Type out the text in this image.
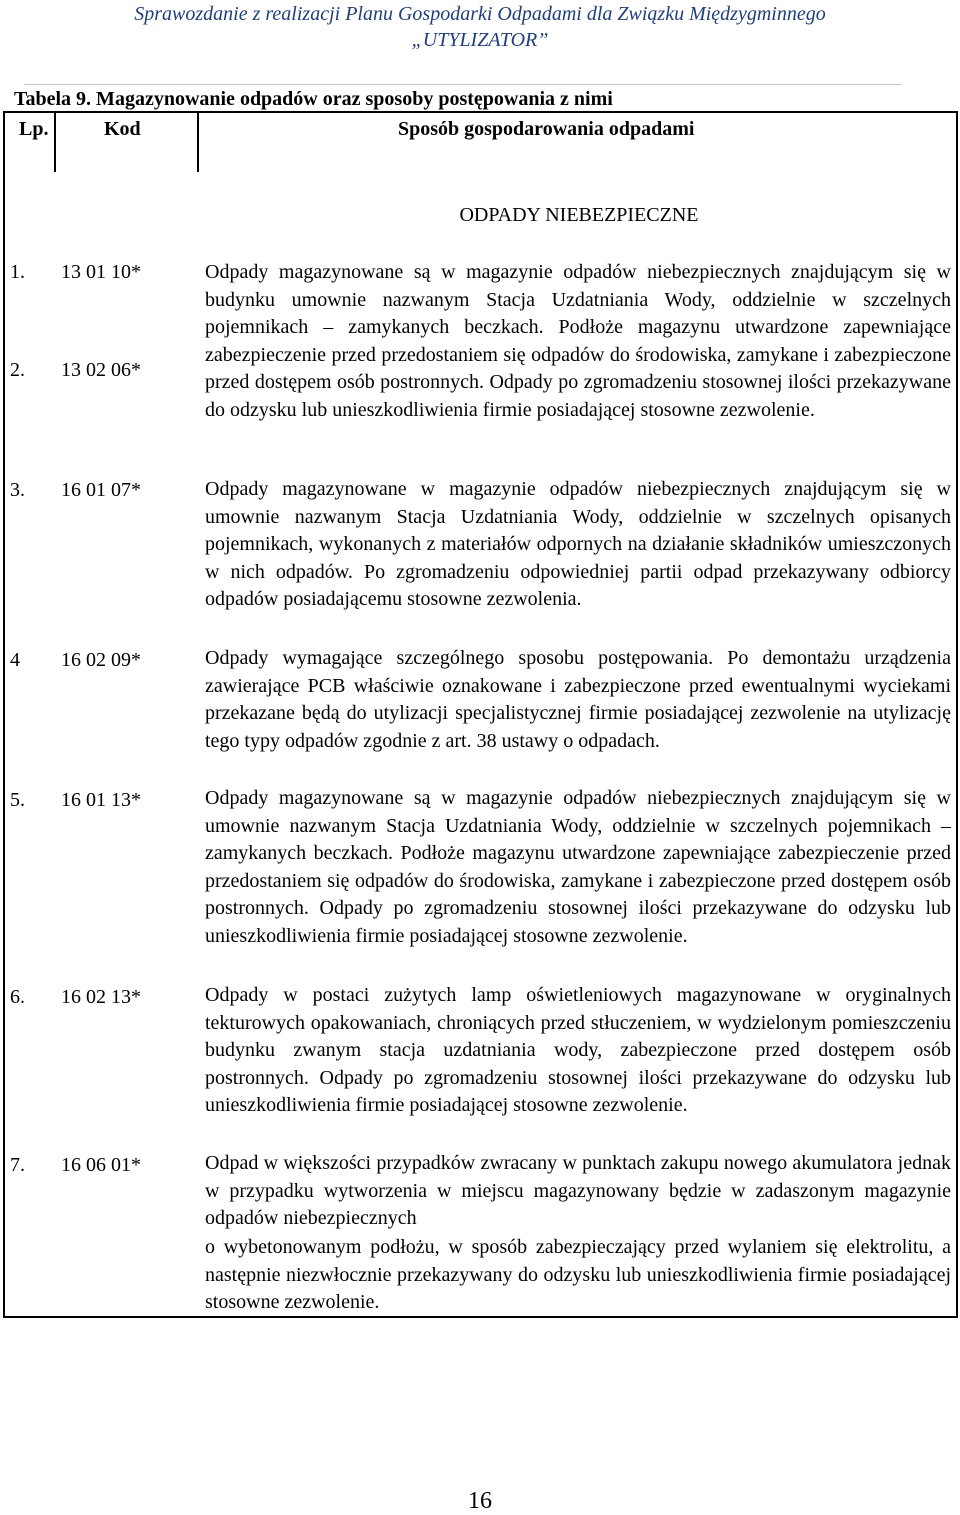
Sprawozdanie z realizacji Planu Gospodarki Odpadami dla Związku Międzygminnego
„UTYLIZATOR”
Tabela 9. Magazynowanie odpadów oraz sposoby postępowania z nimi
Lp.	Kod	Sposób gospodarowania odpadami
ODPADY NIEBEZPIECZNE
1. 13 01 10*
2. 13 02 06*
Odpady magazynowane są w magazynie odpadów niebezpiecznych znajdującym się w budynku umownie nazwanym Stacja Uzdatniania Wody, oddzielnie w szczelnych pojemnikach – zamykanych beczkach. Podłoże magazynu utwardzone zapewniające zabezpieczenie przed przedostaniem się odpadów do środowiska, zamykane i zabezpieczone przed dostępem osób postronnych. Odpady po zgromadzeniu stosownej ilości przekazywane do odzysku lub unieszkodliwienia firmie posiadającej stosowne zezwolenie.
3. 16 01 07*	Odpady magazynowane w magazynie odpadów niebezpiecznych znajdującym się w umownie nazwanym Stacja Uzdatniania Wody, oddzielnie w szczelnych opisanych pojemnikach, wykonanych z materiałów odpornych na działanie składników umieszczonych w nich odpadów. Po zgromadzeniu odpowiedniej partii odpad przekazywany odbiorcy odpadów posiadającemu stosowne zezwolenia.
4 16 02 09*	Odpady wymagające szczególnego sposobu postępowania. Po demontażu urządzenia zawierające PCB właściwie oznakowane i zabezpieczone przed ewentualnymi wyciekami przekazane będą do utylizacji specjalistycznej firmie posiadającej zezwolenie na utylizację tego typy odpadów zgodnie z art. 38 ustawy o odpadach.
5. 16 01 13*	Odpady magazynowane są w magazynie odpadów niebezpiecznych znajdującym się w umownie nazwanym Stacja Uzdatniania Wody, oddzielnie w szczelnych pojemnikach – zamykanych beczkach. Podłoże magazynu utwardzone zapewniające zabezpieczenie przed przedostaniem się odpadów do środowiska, zamykane i zabezpieczone przed dostępem osób postronnych. Odpady po zgromadzeniu stosownej ilości przekazywane do odzysku lub unieszkodliwienia firmie posiadającej stosowne zezwolenie.
6. 16 02 13*	Odpady w postaci zużytych lamp oświetleniowych magazynowane w oryginalnych tekturowych opakowaniach, chroniących przed stłuczeniem, w wydzielonym pomieszczeniu budynku zwanym stacja uzdatniania wody, zabezpieczone przed dostępem osób postronnych. Odpady po zgromadzeniu stosownej ilości przekazywane do odzysku lub unieszkodliwienia firmie posiadającej stosowne zezwolenie.
7. 16 06 01*	Odpad w większości przypadków zwracany w punktach zakupu nowego akumulatora jednak w przypadku wytworzenia w miejscu magazynowany będzie w zadaszonym magazynie odpadów niebezpiecznych
o wybetonowanym podłożu, w sposób zabezpieczający przed wylaniem się elektrolitu, a następnie niezwłocznie przekazywany do odzysku lub unieszkodliwienia firmie posiadającej stosowne zezwolenie.
16
